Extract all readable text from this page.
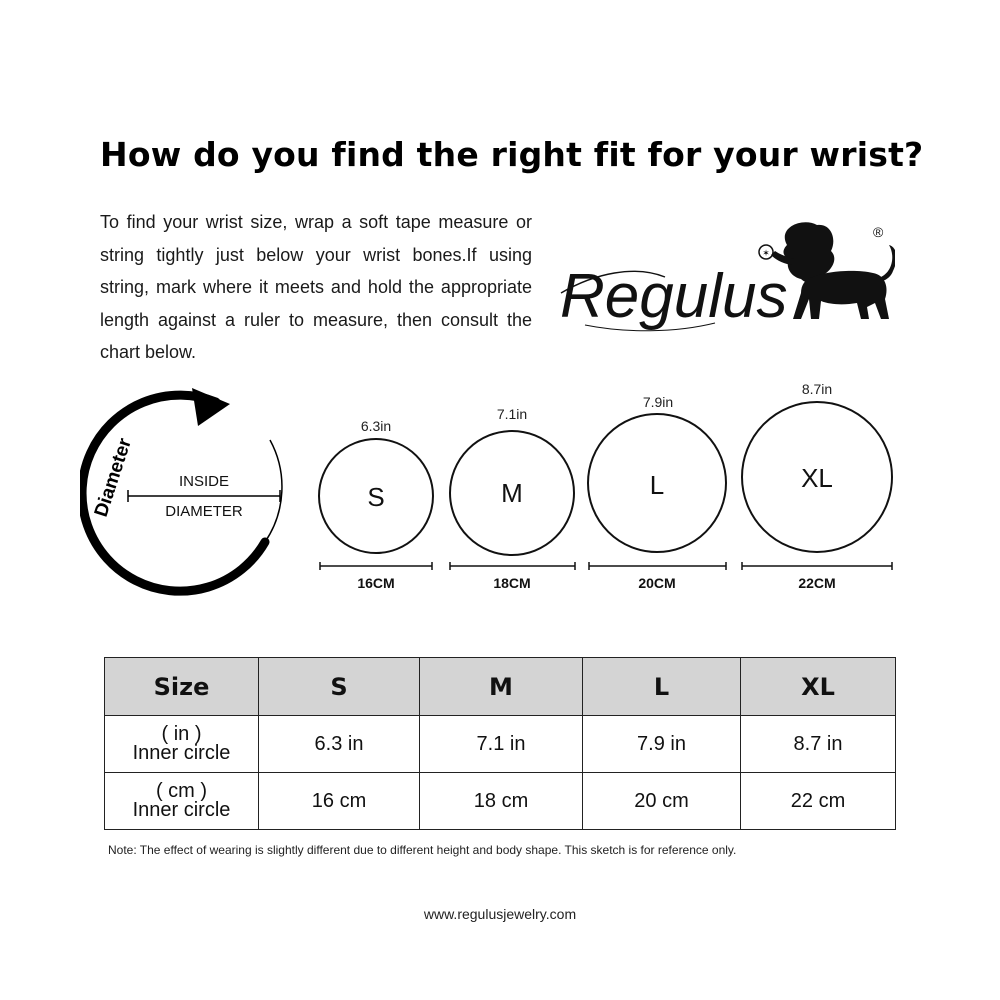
How do you find the right fit for your wrist?
To find your wrist size, wrap a soft tape measure or string tightly just below your wrist bones.If using string, mark where it meets and hold the appropriate length against a ruler to measure, then consult the chart below.
Regulus
✶
®
Diameter	INSIDE
DIAMETER
6.3in
S
16CM
7.1in
M
18CM
7.9in
L
20CM
8.7in
XL
22CM
Size	S	M	L	XL

( in )
Inner circle	6.3 in	7.1 in	7.9 in	8.7 in

( cm )
Inner circle	16 cm	18 cm	20 cm	22 cm
Note: The effect of wearing is slightly different due to different height and body shape. This sketch is for reference only.
www.regulusjewelry.com
